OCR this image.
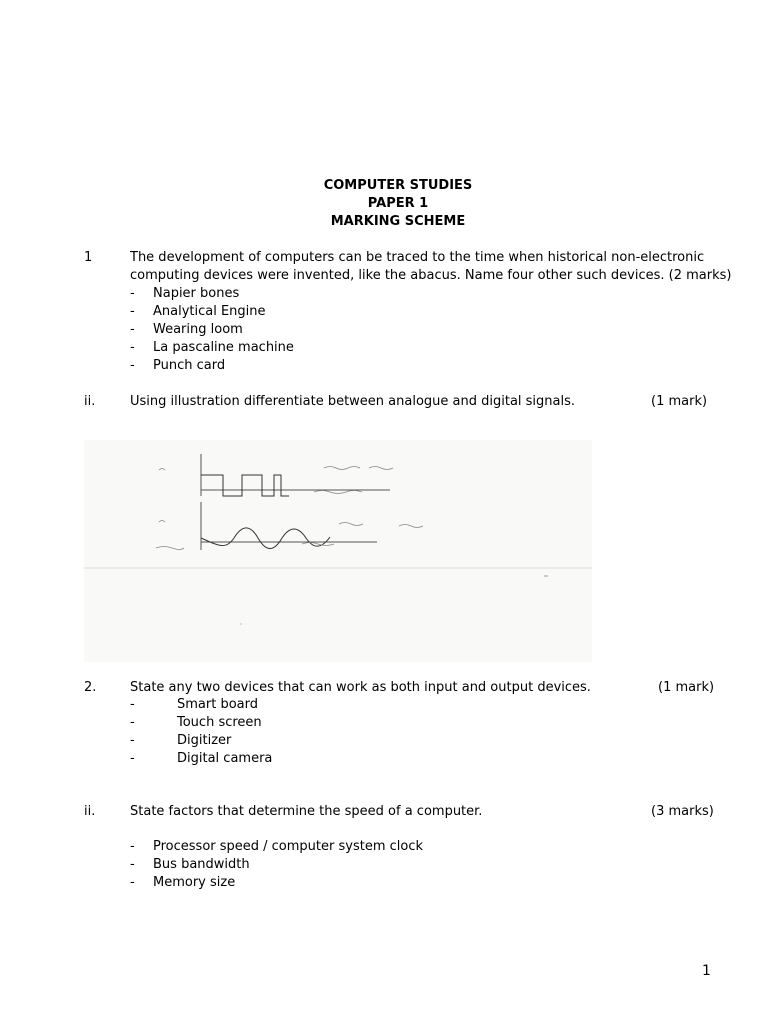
COMPUTER STUDIES
PAPER 1
MARKING SCHEME
1	The development of computers can be traced to the time when historical non-electronic
computing devices were invented, like the abacus. Name four other such devices. (2 marks)
- Napier bones
- Analytical Engine
- Wearing loom
- La pascaline machine
- Punch card
ii.	Using illustration differentiate between analogue and digital signals.	(1 mark)
2.	State any two devices that can work as both input and output devices.	(1 mark)
-	Smart board
-	Touch screen
-	Digitizer
-	Digital camera
ii.	State factors that determine the speed of a computer.	(3 marks)
- Processor speed / computer system clock
- Bus bandwidth
- Memory size
1
